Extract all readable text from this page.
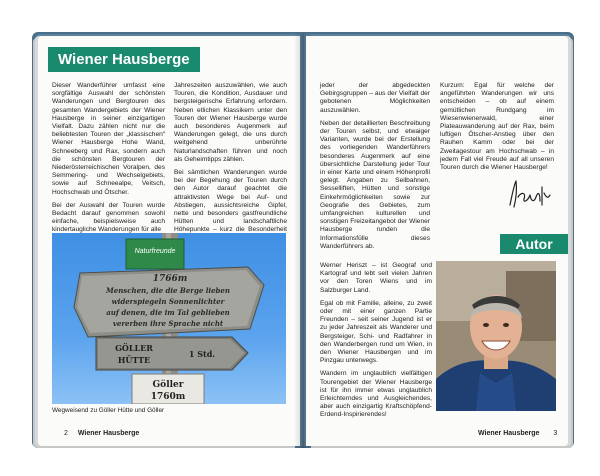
Wiener Hausberge

Dieser Wanderführer umfasst eine sorgfältige Auswahl der schönsten Wanderungen und Bergtouren des gesamten Wandergebiets der Wiener Hausberge in seiner einzigartigen Vielfalt. Dazu zählen nicht nur die beliebtesten Touren der „klassischen“ Wiener Hausberge Hohe Wand, Schneeberg und Rax, sondern auch die schönsten Bergtouren der Niederösterreichischen Voralpen, des Semmering- und Wechselgebiets, sowie auf Schneealpe, Veitsch, Hochschwab und Ötscher.

Bei der Auswahl der Touren wurde Bedacht darauf genommen sowohl einfache, beispielsweise auch kindertaugliche Wanderungen für alle

Jahreszeiten auszuwählen, wie auch Touren, die Kondition, Ausdauer und bergsteigerische Erfahrung erfordern. Neben etlichen Klassikern unter den Touren der Wiener Hausberge wurde auch besonderes Augenmerk auf Wanderungen gelegt, die uns durch weitgehend unberührte Naturlandschaften führen und noch als Geheimtipps zählen.

Bei sämtlichen Wanderungen wurde bei der Begehung der Touren durch den Autor darauf geachtet die attraktivsten Wege bei Auf- und Abstiegen, aussichtsreiche Gipfel, nette und besonders gastfreundliche Hütten und landschaftliche Höhepunkte – kurz die Besonderheit

Naturfreunde
1766m
Menschen, die die Berge lieben
widerspiegeln Sonnenlichter
auf denen, die im Tal geblieben
vererben ihre Sprache nicht
GÖLLER
HÜTTE
1 Std.
Göller
1760m
Wegweisend zu Göller Hütte und Göller
2 Wiener Hausberge

jeder der abgedeckten Gebirgsgruppen – aus der Vielfalt der gebotenen Möglichkeiten auszuwählen.

Neben der detaillierten Beschreibung der Touren selbst, und etwaiger Varianten, wurde bei der Erstellung des vorliegenden Wanderführers besonderes Augenmerk auf eine übersichtliche Darstellung jeder Tour in einer Karte und einem Höhenprofil gelegt. Angaben zu Seilbahnen, Sesselliften, Hütten und sonstige Einkehrmöglichkeiten sowie zur Geografie des Gebietes, zum umfangreichen kulturellen und sonstigen Freizeitangebot der Wiener Hausberge runden die Informationsfülle dieses Wanderführers ab.

Kurzum: Egal für welche der angeführten Wanderungen wir uns entscheiden – ob auf einem gemütlichen Rundgang im Wiesenwienerwald, einer Plateauwanderung auf der Rax, beim luftigen Ötscher-Anstieg über den Rauhen Kamm oder bei der Zweitagestour am Hochschwab – in jedem Fall viel Freude auf all unseren Touren durch die Wiener Hausberge!

Autor

Werner Heriszt – ist Geograf und Kartograf und lebt seit vielen Jahren vor den Toren Wiens und im Salzburger Land.

Egal ob mit Familie, alleine, zu zweit oder mit einer ganzen Partie Freunden – seit seiner Jugend ist er zu jeder Jahreszeit als Wanderer und Bergsteiger, Schi- und Radfahrer in den Wanderbergen rund um Wien, in den Wiener Hausbergen und im Pinzgau unterwegs.

Wandern im unglaublich vielfältigen Tourengebiet der Wiener Hausberge ist für ihn immer etwas unglaublich Erleichterndes und Ausgleichendes, aber auch einzigartig Kraftschöpfend-Erdend-Inspirierendes!

Wiener Hausberge 3
